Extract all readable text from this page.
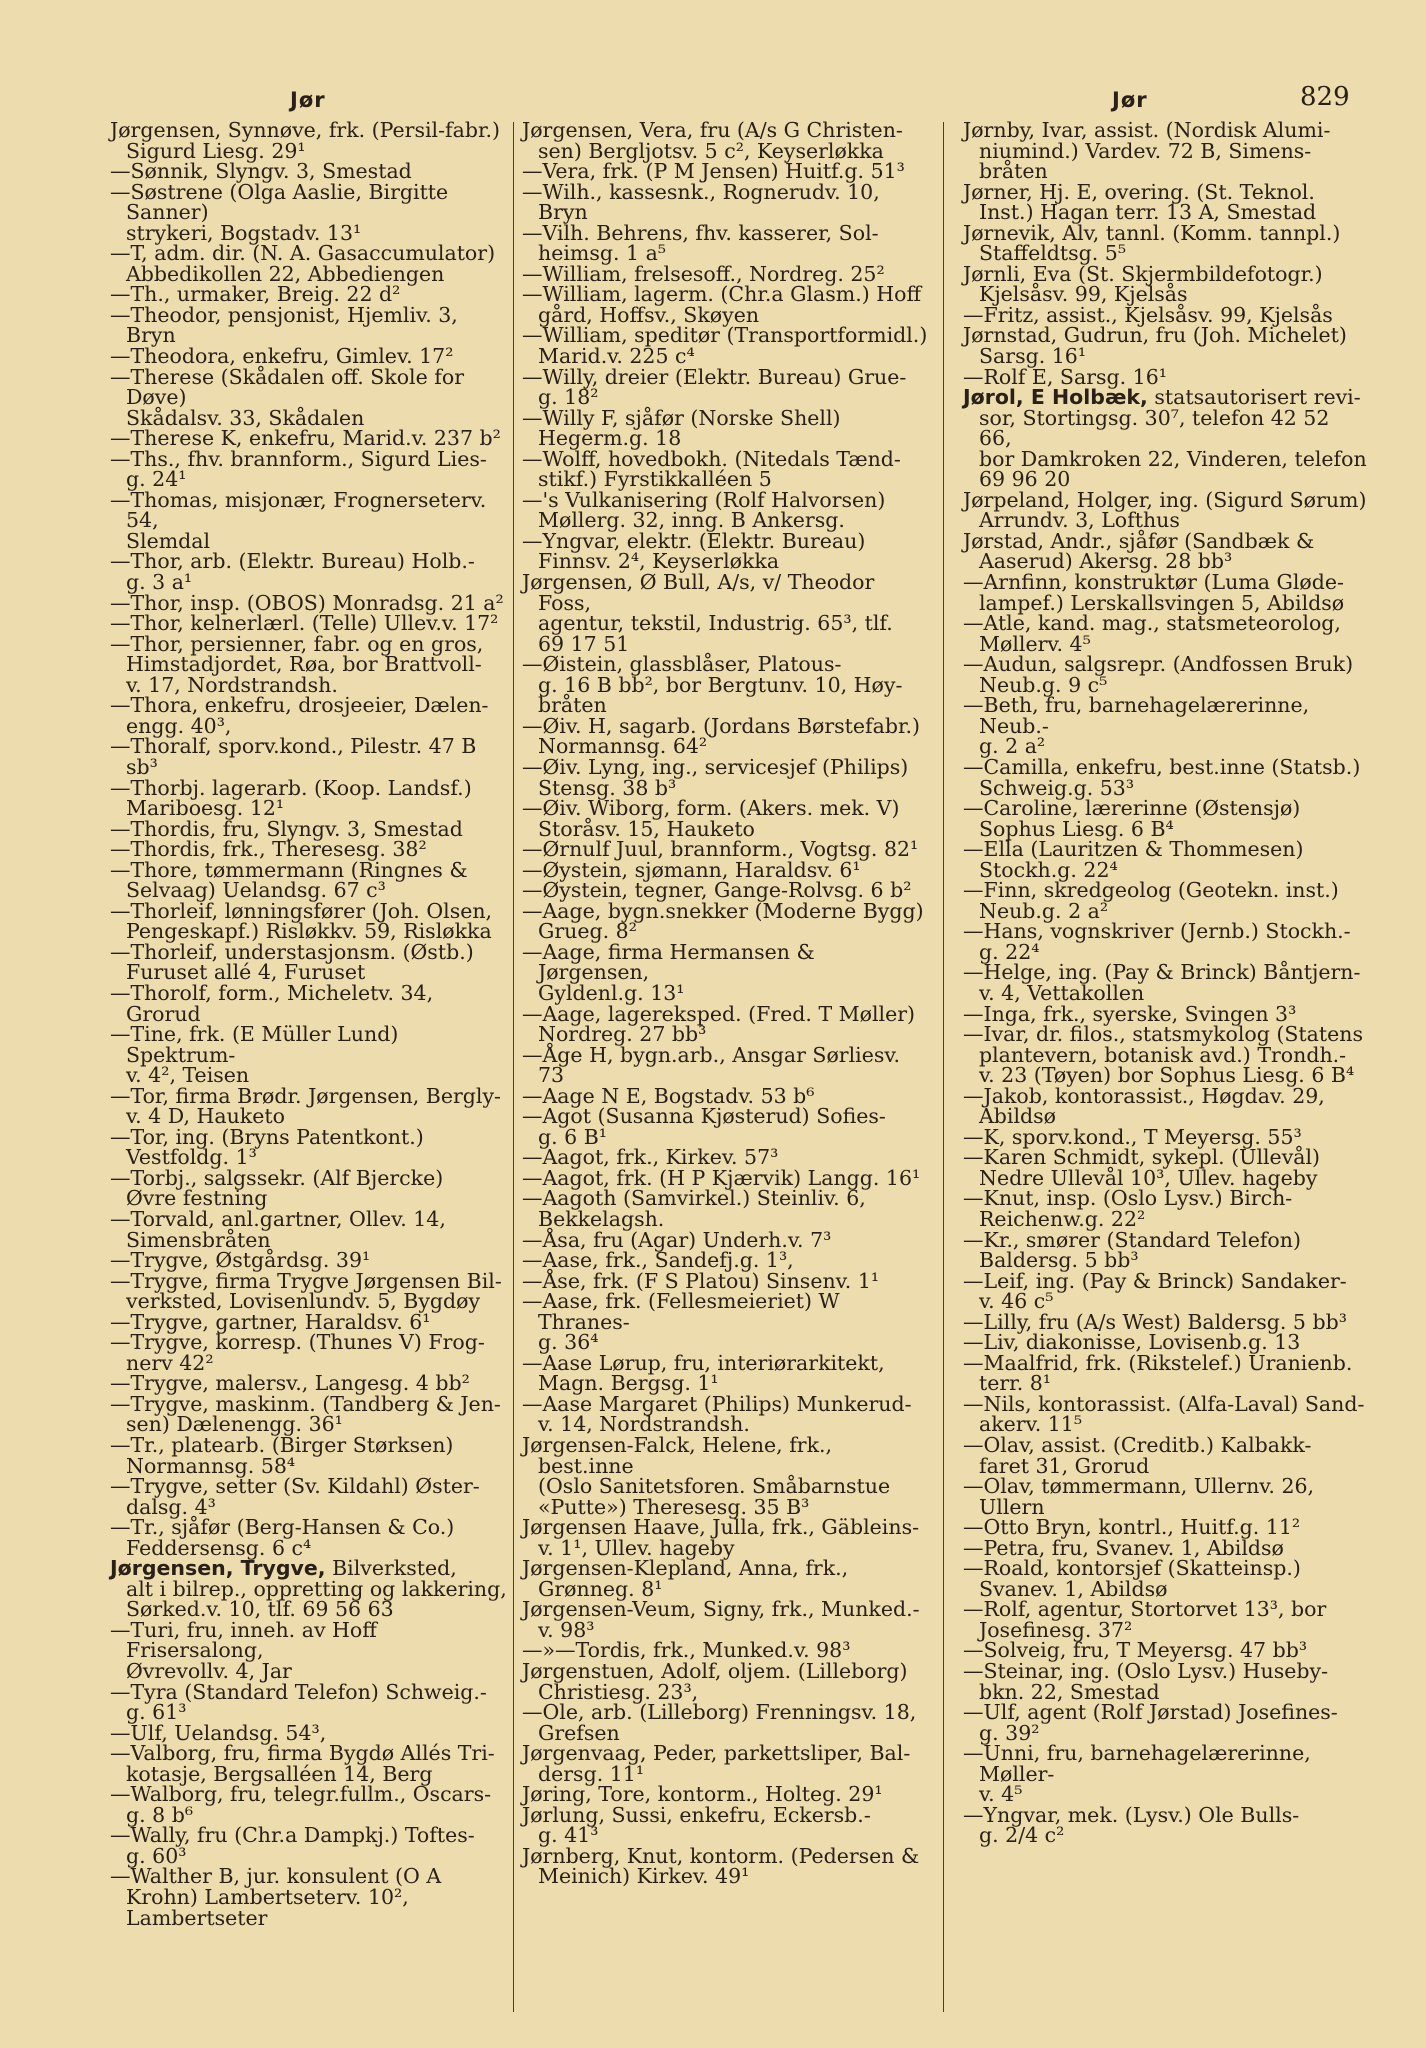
Jør	Jør	829
Jørgensen, Synnøve, frk. (Persil-fabr.)
Sigurd Liesg. 29¹
—Sønnik, Slyngv. 3, Smestad
—Søstrene (Olga Aaslie, Birgitte Sanner)
strykeri, Bogstadv. 13¹
—T, adm. dir. (N. A. Gasaccumulator)
Abbedikollen 22, Abbediengen
—Th., urmaker, Breig. 22 d²
—Theodor, pensjonist, Hjemliv. 3,
Bryn
—Theodora, enkefru, Gimlev. 17²
—Therese (Skådalen off. Skole for Døve)
Skådalsv. 33, Skådalen
—Therese K, enkefru, Marid.v. 237 b²
—Ths., fhv. brannform., Sigurd Lies-
g. 24¹
—Thomas, misjonær, Frognerseterv. 54,
Slemdal
—Thor, arb. (Elektr. Bureau) Holb.-
g. 3 a¹
—Thor, insp. (OBOS) Monradsg. 21 a²
—Thor, kelnerlærl. (Telle) Ullev.v. 17²
—Thor, persienner, fabr. og en gros,
Himstadjordet, Røa, bor Brattvoll-
v. 17, Nordstrandsh.
—Thora, enkefru, drosjeeier, Dælen-
engg. 40³,
—Thoralf, sporv.kond., Pilestr. 47 B sb³
—Thorbj. lagerarb. (Koop. Landsf.)
Mariboesg. 12¹
—Thordis, fru, Slyngv. 3, Smestad
—Thordis, frk., Theresesg. 38²
—Thore, tømmermann (Ringnes &
Selvaag) Uelandsg. 67 c³
—Thorleif, lønningsfører (Joh. Olsen,
Pengeskapf.) Risløkkv. 59, Risløkka
—Thorleif, understasjonsm. (Østb.)
Furuset allé 4, Furuset
—Thorolf, form., Micheletv. 34, Grorud
—Tine, frk. (E Müller Lund) Spektrum-
v. 4², Teisen
—Tor, firma Brødr. Jørgensen, Bergly-
v. 4 D, Hauketo
—Tor, ing. (Bryns Patentkont.)
Vestfoldg. 1³
—Torbj., salgssekr. (Alf Bjercke)
Øvre festning
—Torvald, anl.gartner, Ollev. 14,
Simensbråten
—Trygve, Østgårdsg. 39¹
—Trygve, firma Trygve Jørgensen Bil-
verksted, Lovisenlundv. 5, Bygdøy
—Trygve, gartner, Haraldsv. 6¹
—Trygve, korresp. (Thunes V) Frog-
nerv 42²
—Trygve, malersv., Langesg. 4 bb²
—Trygve, maskinm. (Tandberg & Jen-
sen) Dælenengg. 36¹
—Tr., platearb. (Birger Størksen)
Normannsg. 58⁴
—Trygve, setter (Sv. Kildahl) Øster-
dalsg. 4³
—Tr., sjåfør (Berg-Hansen & Co.)
Feddersensg. 6 c⁴
Jørgensen, Trygve, Bilverksted,
alt i bilrep., oppretting og lakkering,
Sørked.v. 10, tlf. 69 56 63
—Turi, fru, inneh. av Hoff Frisersalong,
Øvrevollv. 4, Jar
—Tyra (Standard Telefon) Schweig.-
g. 61³
—Ulf, Uelandsg. 54³,
—Valborg, fru, firma Bygdø Allés Tri-
kotasje, Bergsalléen 14, Berg
—Walborg, fru, telegr.fullm., Oscars-
g. 8 b⁶
—Wally, fru (Chr.a Dampkj.) Toftes-
g. 60³
—Walther B, jur. konsulent (O A
Krohn) Lambertseterv. 10²,
Lambertseter
Jørgensen, Vera, fru (A/s G Christen-
sen) Bergljotsv. 5 c², Keyserløkka
—Vera, frk. (P M Jensen) Huitf.g. 51³
—Wilh., kassesnk., Rognerudv. 10, Bryn
—Vilh. Behrens, fhv. kasserer, Sol-
heimsg. 1 a⁵
—William, frelsesoff., Nordreg. 25²
—William, lagerm. (Chr.a Glasm.) Hoff
gård, Hoffsv., Skøyen
—William, speditør (Transportformidl.)
Marid.v. 225 c⁴
—Willy, dreier (Elektr. Bureau) Grue-
g. 18²
—Willy F, sjåfør (Norske Shell)
Hegerm.g. 18
—Wolff, hovedbokh. (Nitedals Tænd-
stikf.) Fyrstikkalléen 5
—'s Vulkanisering (Rolf Halvorsen)
Møllerg. 32, inng. B Ankersg.
—Yngvar, elektr. (Elektr. Bureau)
Finnsv. 2⁴, Keyserløkka
Jørgensen, Ø Bull, A/s, v/ Theodor Foss,
agentur, tekstil, Industrig. 65³, tlf.
69 17 51
—Øistein, glassblåser, Platous-
g. 16 B bb², bor Bergtunv. 10, Høy-
bråten
—Øiv. H, sagarb. (Jordans Børstefabr.)
Normannsg. 64²
—Øiv. Lyng, ing., servicesjef (Philips)
Stensg. 38 b³
—Øiv. Wiborg, form. (Akers. mek. V)
Storåsv. 15, Hauketo
—Ørnulf Juul, brannform., Vogtsg. 82¹
—Øystein, sjømann, Haraldsv. 6¹
—Øystein, tegner, Gange-Rolvsg. 6 b²
—Aage, bygn.snekker (Moderne Bygg)
Grueg. 8²
—Aage, firma Hermansen & Jørgensen,
Gyldenl.g. 13¹
—Aage, lagereksped. (Fred. T Møller)
Nordreg. 27 bb³
—Åge H, bygn.arb., Ansgar Sørliesv. 73
—Aage N E, Bogstadv. 53 b⁶
—Agot (Susanna Kjøsterud) Sofies-
g. 6 B¹
—Aagot, frk., Kirkev. 57³
—Aagot, frk. (H P Kjærvik) Langg. 16¹
—Aagoth (Samvirkel.) Steinliv. 6,
Bekkelagsh.
—Åsa, fru (Agar) Underh.v. 7³
—Aase, frk., Sandefj.g. 1³,
—Åse, frk. (F S Platou) Sinsenv. 1¹
—Aase, frk. (Fellesmeieriet) W Thranes-
g. 36⁴
—Aase Lørup, fru, interiørarkitekt,
Magn. Bergsg. 1¹
—Aase Margaret (Philips) Munkerud-
v. 14, Nordstrandsh.
Jørgensen-Falck, Helene, frk., best.inne
(Oslo Sanitetsforen. Småbarnstue
«Putte») Theresesg. 35 B³
Jørgensen Haave, Julla, frk., Gäbleins-
v. 1¹, Ullev. hageby
Jørgensen-Klepland, Anna, frk.,
Grønneg. 8¹
Jørgensen-Veum, Signy, frk., Munked.-
v. 98³
—»—Tordis, frk., Munked.v. 98³
Jørgenstuen, Adolf, oljem. (Lilleborg)
Christiesg. 23³,
—Ole, arb. (Lilleborg) Frenningsv. 18,
Grefsen
Jørgenvaag, Peder, parkettsliper, Bal-
dersg. 11¹
Jøring, Tore, kontorm., Holteg. 29¹
Jørlung, Sussi, enkefru, Eckersb.-
g. 41³
Jørnberg, Knut, kontorm. (Pedersen &
Meinich) Kirkev. 49¹
Jørnby, Ivar, assist. (Nordisk Alumi-
niumind.) Vardev. 72 B, Simens-
bråten
Jørner, Hj. E, overing. (St. Teknol.
Inst.) Hagan terr. 13 A, Smestad
Jørnevik, Alv, tannl. (Komm. tannpl.)
Staffeldtsg. 5⁵
Jørnli, Eva (St. Skjermbildefotogr.)
Kjelsåsv. 99, Kjelsås
—Fritz, assist., Kjelsåsv. 99, Kjelsås
Jørnstad, Gudrun, fru (Joh. Michelet)
Sarsg. 16¹
—Rolf E, Sarsg. 16¹
Jørol, E Holbæk, statsautorisert revi-
sor, Stortingsg. 30⁷, telefon 42 52 66,
bor Damkroken 22, Vinderen, telefon
69 96 20
Jørpeland, Holger, ing. (Sigurd Sørum)
Arrundv. 3, Lofthus
Jørstad, Andr., sjåfør (Sandbæk &
Aaserud) Akersg. 28 bb³
—Arnfinn, konstruktør (Luma Gløde-
lampef.) Lerskallsvingen 5, Abildsø
—Atle, kand. mag., statsmeteorolog,
Møllerv. 4⁵
—Audun, salgsrepr. (Andfossen Bruk)
Neub.g. 9 c⁵
—Beth, fru, barnehagelærerinne, Neub.-
g. 2 a²
—Camilla, enkefru, best.inne (Statsb.)
Schweig.g. 53³
—Caroline, lærerinne (Østensjø)
Sophus Liesg. 6 B⁴
—Ella (Lauritzen & Thommesen)
Stockh.g. 22⁴
—Finn, skredgeolog (Geotekn. inst.)
Neub.g. 2 a²
—Hans, vognskriver (Jernb.) Stockh.-
g. 22⁴
—Helge, ing. (Pay & Brinck) Båntjern-
v. 4, Vettakollen
—Inga, frk., syerske, Svingen 3³
—Ivar, dr. filos., statsmykolog (Statens
plantevern, botanisk avd.) Trondh.-
v. 23 (Tøyen) bor Sophus Liesg. 6 B⁴
—Jakob, kontorassist., Høgdav. 29,
Abildsø
—K, sporv.kond., T Meyersg. 55³
—Karen Schmidt, sykepl. (Ullevål)
Nedre Ullevål 10³, Ullev. hageby
—Knut, insp. (Oslo Lysv.) Birch-
Reichenw.g. 22²
—Kr., smører (Standard Telefon)
Baldersg. 5 bb³
—Leif, ing. (Pay & Brinck) Sandaker-
v. 46 c⁵
—Lilly, fru (A/s West) Baldersg. 5 bb³
—Liv, diakonisse, Lovisenb.g. 13
—Maalfrid, frk. (Rikstelef.) Uranienb.
terr. 8¹
—Nils, kontorassist. (Alfa-Laval) Sand-
akerv. 11⁵
—Olav, assist. (Creditb.) Kalbakk-
faret 31, Grorud
—Olav, tømmermann, Ullernv. 26,
Ullern
—Otto Bryn, kontrl., Huitf.g. 11²
—Petra, fru, Svanev. 1, Abildsø
—Roald, kontorsjef (Skatteinsp.)
Svanev. 1, Abildsø
—Rolf, agentur, Stortorvet 13³, bor
Josefinesg. 37²
—Solveig, fru, T Meyersg. 47 bb³
—Steinar, ing. (Oslo Lysv.) Huseby-
bkn. 22, Smestad
—Ulf, agent (Rolf Jørstad) Josefines-
g. 39²
—Unni, fru, barnehagelærerinne, Møller-
v. 4⁵
—Yngvar, mek. (Lysv.) Ole Bulls-
g. 2/4 c²
